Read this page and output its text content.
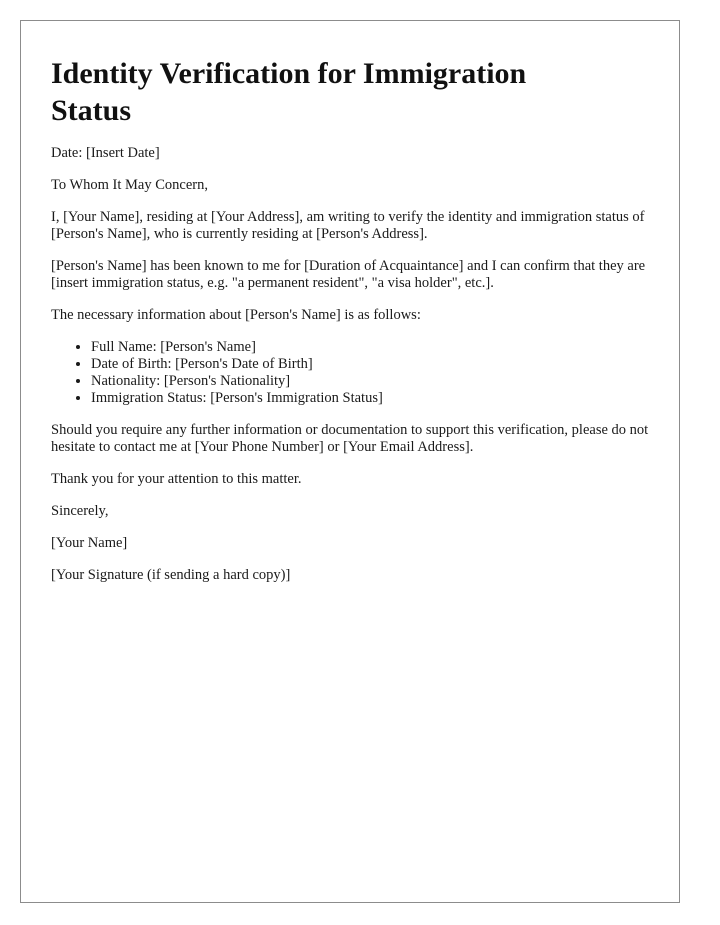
Identity Verification for Immigration Status

Date: [Insert Date]

To Whom It May Concern,

I, [Your Name], residing at [Your Address], am writing to verify the identity and immigration status of [Person's Name], who is currently residing at [Person's Address].

[Person's Name] has been known to me for [Duration of Acquaintance] and I can confirm that they are [insert immigration status, e.g. "a permanent resident", "a visa holder", etc.].

The necessary information about [Person's Name] is as follows:

• Full Name: [Person's Name]
• Date of Birth: [Person's Date of Birth]
• Nationality: [Person's Nationality]
• Immigration Status: [Person's Immigration Status]

Should you require any further information or documentation to support this verification, please do not hesitate to contact me at [Your Phone Number] or [Your Email Address].

Thank you for your attention to this matter.

Sincerely,

[Your Name]

[Your Signature (if sending a hard copy)]
